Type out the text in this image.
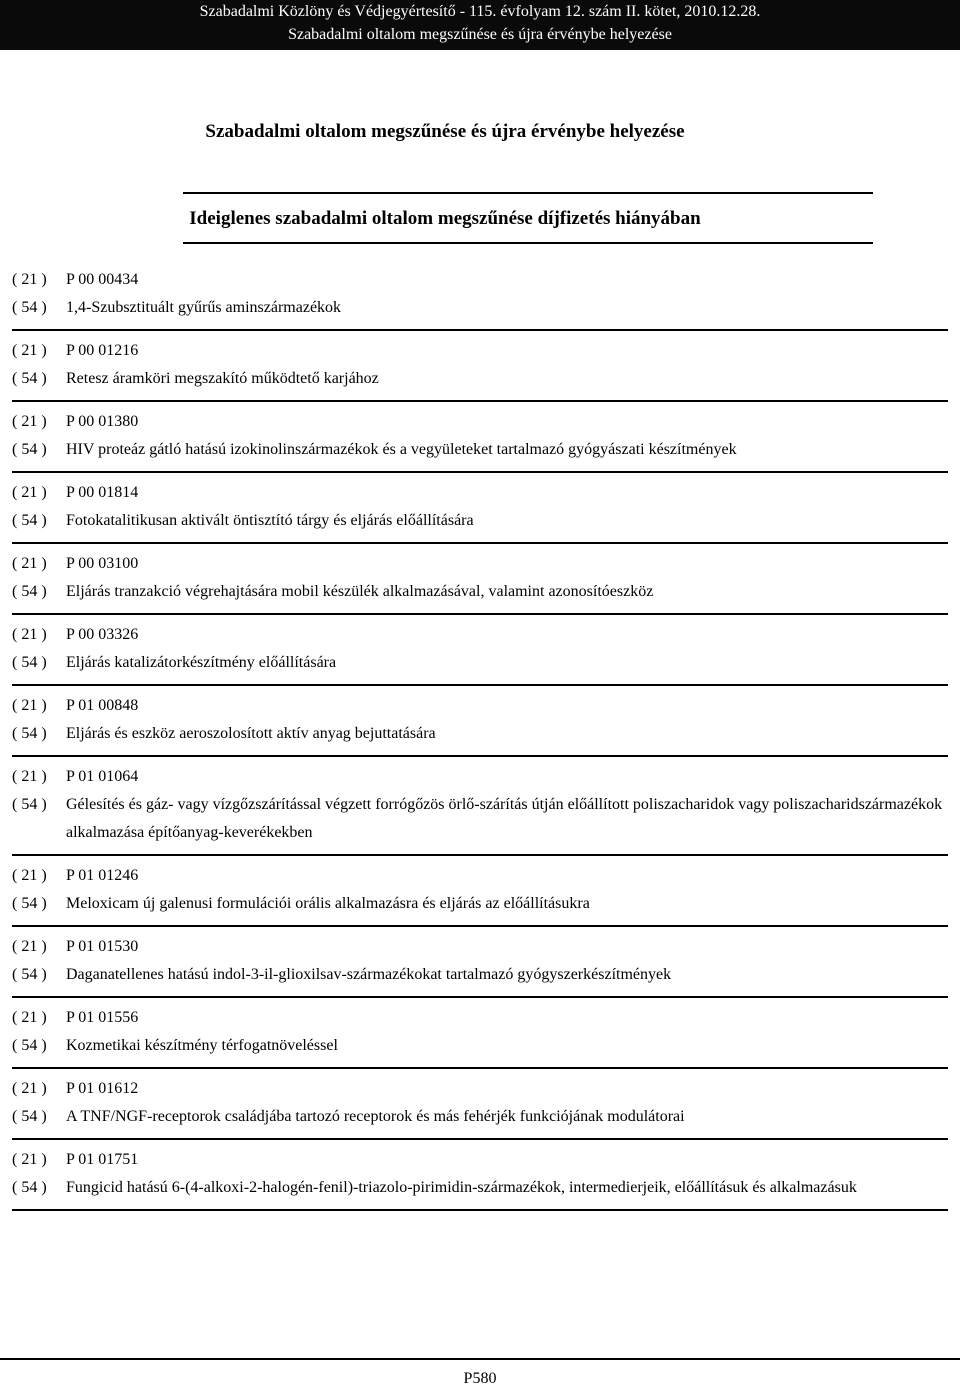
Szabadalmi Közlöny és Védjegyértesítő - 115. évfolyam 12. szám II. kötet, 2010.12.28.
Szabadalmi oltalom megszűnése és újra érvénybe helyezése
Szabadalmi oltalom megszűnése és újra érvénybe helyezése
Ideiglenes szabadalmi oltalom megszűnése díjfizetés hiányában
( 21 )	P 00 00434
( 54 )	1,4-Szubsztituált gyűrűs aminszármazékok
( 21 )	P 00 01216
( 54 )	Retesz áramköri megszakító működtető karjához
( 21 )	P 00 01380
( 54 )	HIV proteáz gátló hatású izokinolinszármazékok és a vegyületeket tartalmazó gyógyászati készítmények
( 21 )	P 00 01814
( 54 )	Fotokatalitikusan aktivált öntisztító tárgy és eljárás előállítására
( 21 )	P 00 03100
( 54 )	Eljárás tranzakció végrehajtására mobil készülék alkalmazásával, valamint azonosítóeszköz
( 21 )	P 00 03326
( 54 )	Eljárás katalizátorkészítmény előállítására
( 21 )	P 01 00848
( 54 )	Eljárás és eszköz aeroszolosított aktív anyag bejuttatására
( 21 )	P 01 01064
( 54 )	Gélesítés és gáz- vagy vízgőzszárítással végzett forrógőzös örlő-szárítás útján előállított poliszacharidok vagy poliszacharidszármazékok alkalmazása építőanyag-keverékekben
( 21 )	P 01 01246
( 54 )	Meloxicam új galenusi formulációi orális alkalmazásra és eljárás az előállításukra
( 21 )	P 01 01530
( 54 )	Daganatellenes hatású indol-3-il-glioxilsav-származékokat tartalmazó gyógyszerkészítmények
( 21 )	P 01 01556
( 54 )	Kozmetikai készítmény térfogatnöveléssel
( 21 )	P 01 01612
( 54 )	A TNF/NGF-receptorok családjába tartozó receptorok és más fehérjék funkciójának modulátorai
( 21 )	P 01 01751
( 54 )	Fungicid hatású 6-(4-alkoxi-2-halogén-fenil)-triazolo-pirimidin-származékok, intermedierjeik, előállításuk és alkalmazásuk
P580
